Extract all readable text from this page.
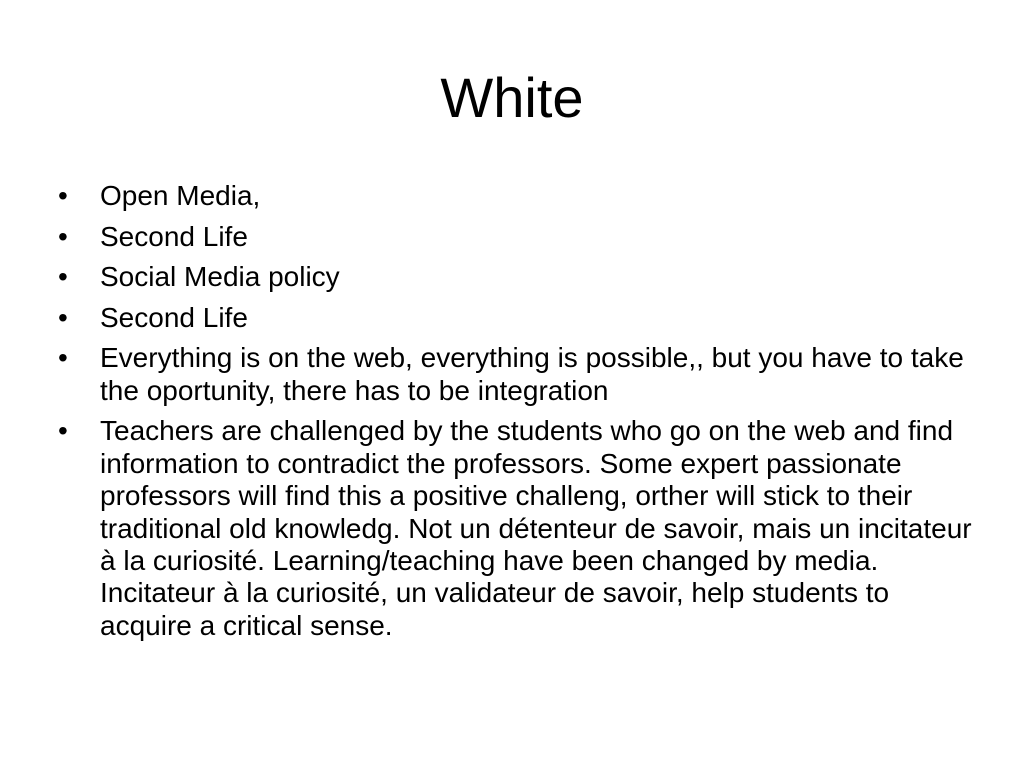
White
•	Open Media,
•	Second Life
•	Social Media policy
•	Second Life
•	Everything is on the web, everything is possible,, but you have to take the oportunity, there has to be integration
•	Teachers are challenged by the students who go on the web and find information to contradict the professors. Some expert passionate professors will find this a positive challeng, orther will stick to their traditional old knowledg. Not un détenteur de savoir, mais un incitateur à la curiosité. Learning/teaching have been changed by media. Incitateur à la curiosité, un validateur de savoir, help students to acquire a critical sense.
